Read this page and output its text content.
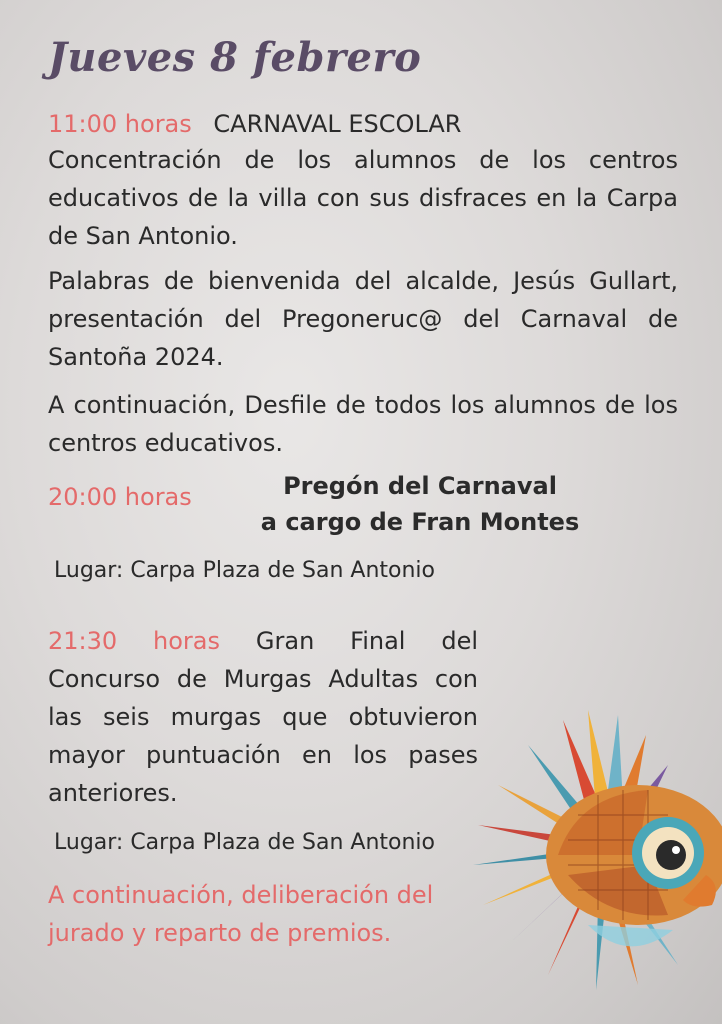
Jueves 8 febrero
11:00 horas CARNAVAL ESCOLAR
Concentración de los alumnos de los centros educativos de la villa con sus disfraces en la Carpa de San Antonio.
Palabras de bienvenida del alcalde, Jesús Gullart, presentación del Pregoneruc@ del Carnaval de Santoña 2024.
A continuación, Desfile de todos los alumnos de los centros educativos.
20:00 horas	Pregón del Carnaval
a cargo de Fran Montes
Lugar: Carpa Plaza de San Antonio
21:30 horas Gran Final del Concurso de Murgas Adultas con las seis murgas que obtuvieron mayor puntuación en los pases anteriores.
Lugar: Carpa Plaza de San Antonio
A continuación, deliberación del jurado y reparto de premios.
